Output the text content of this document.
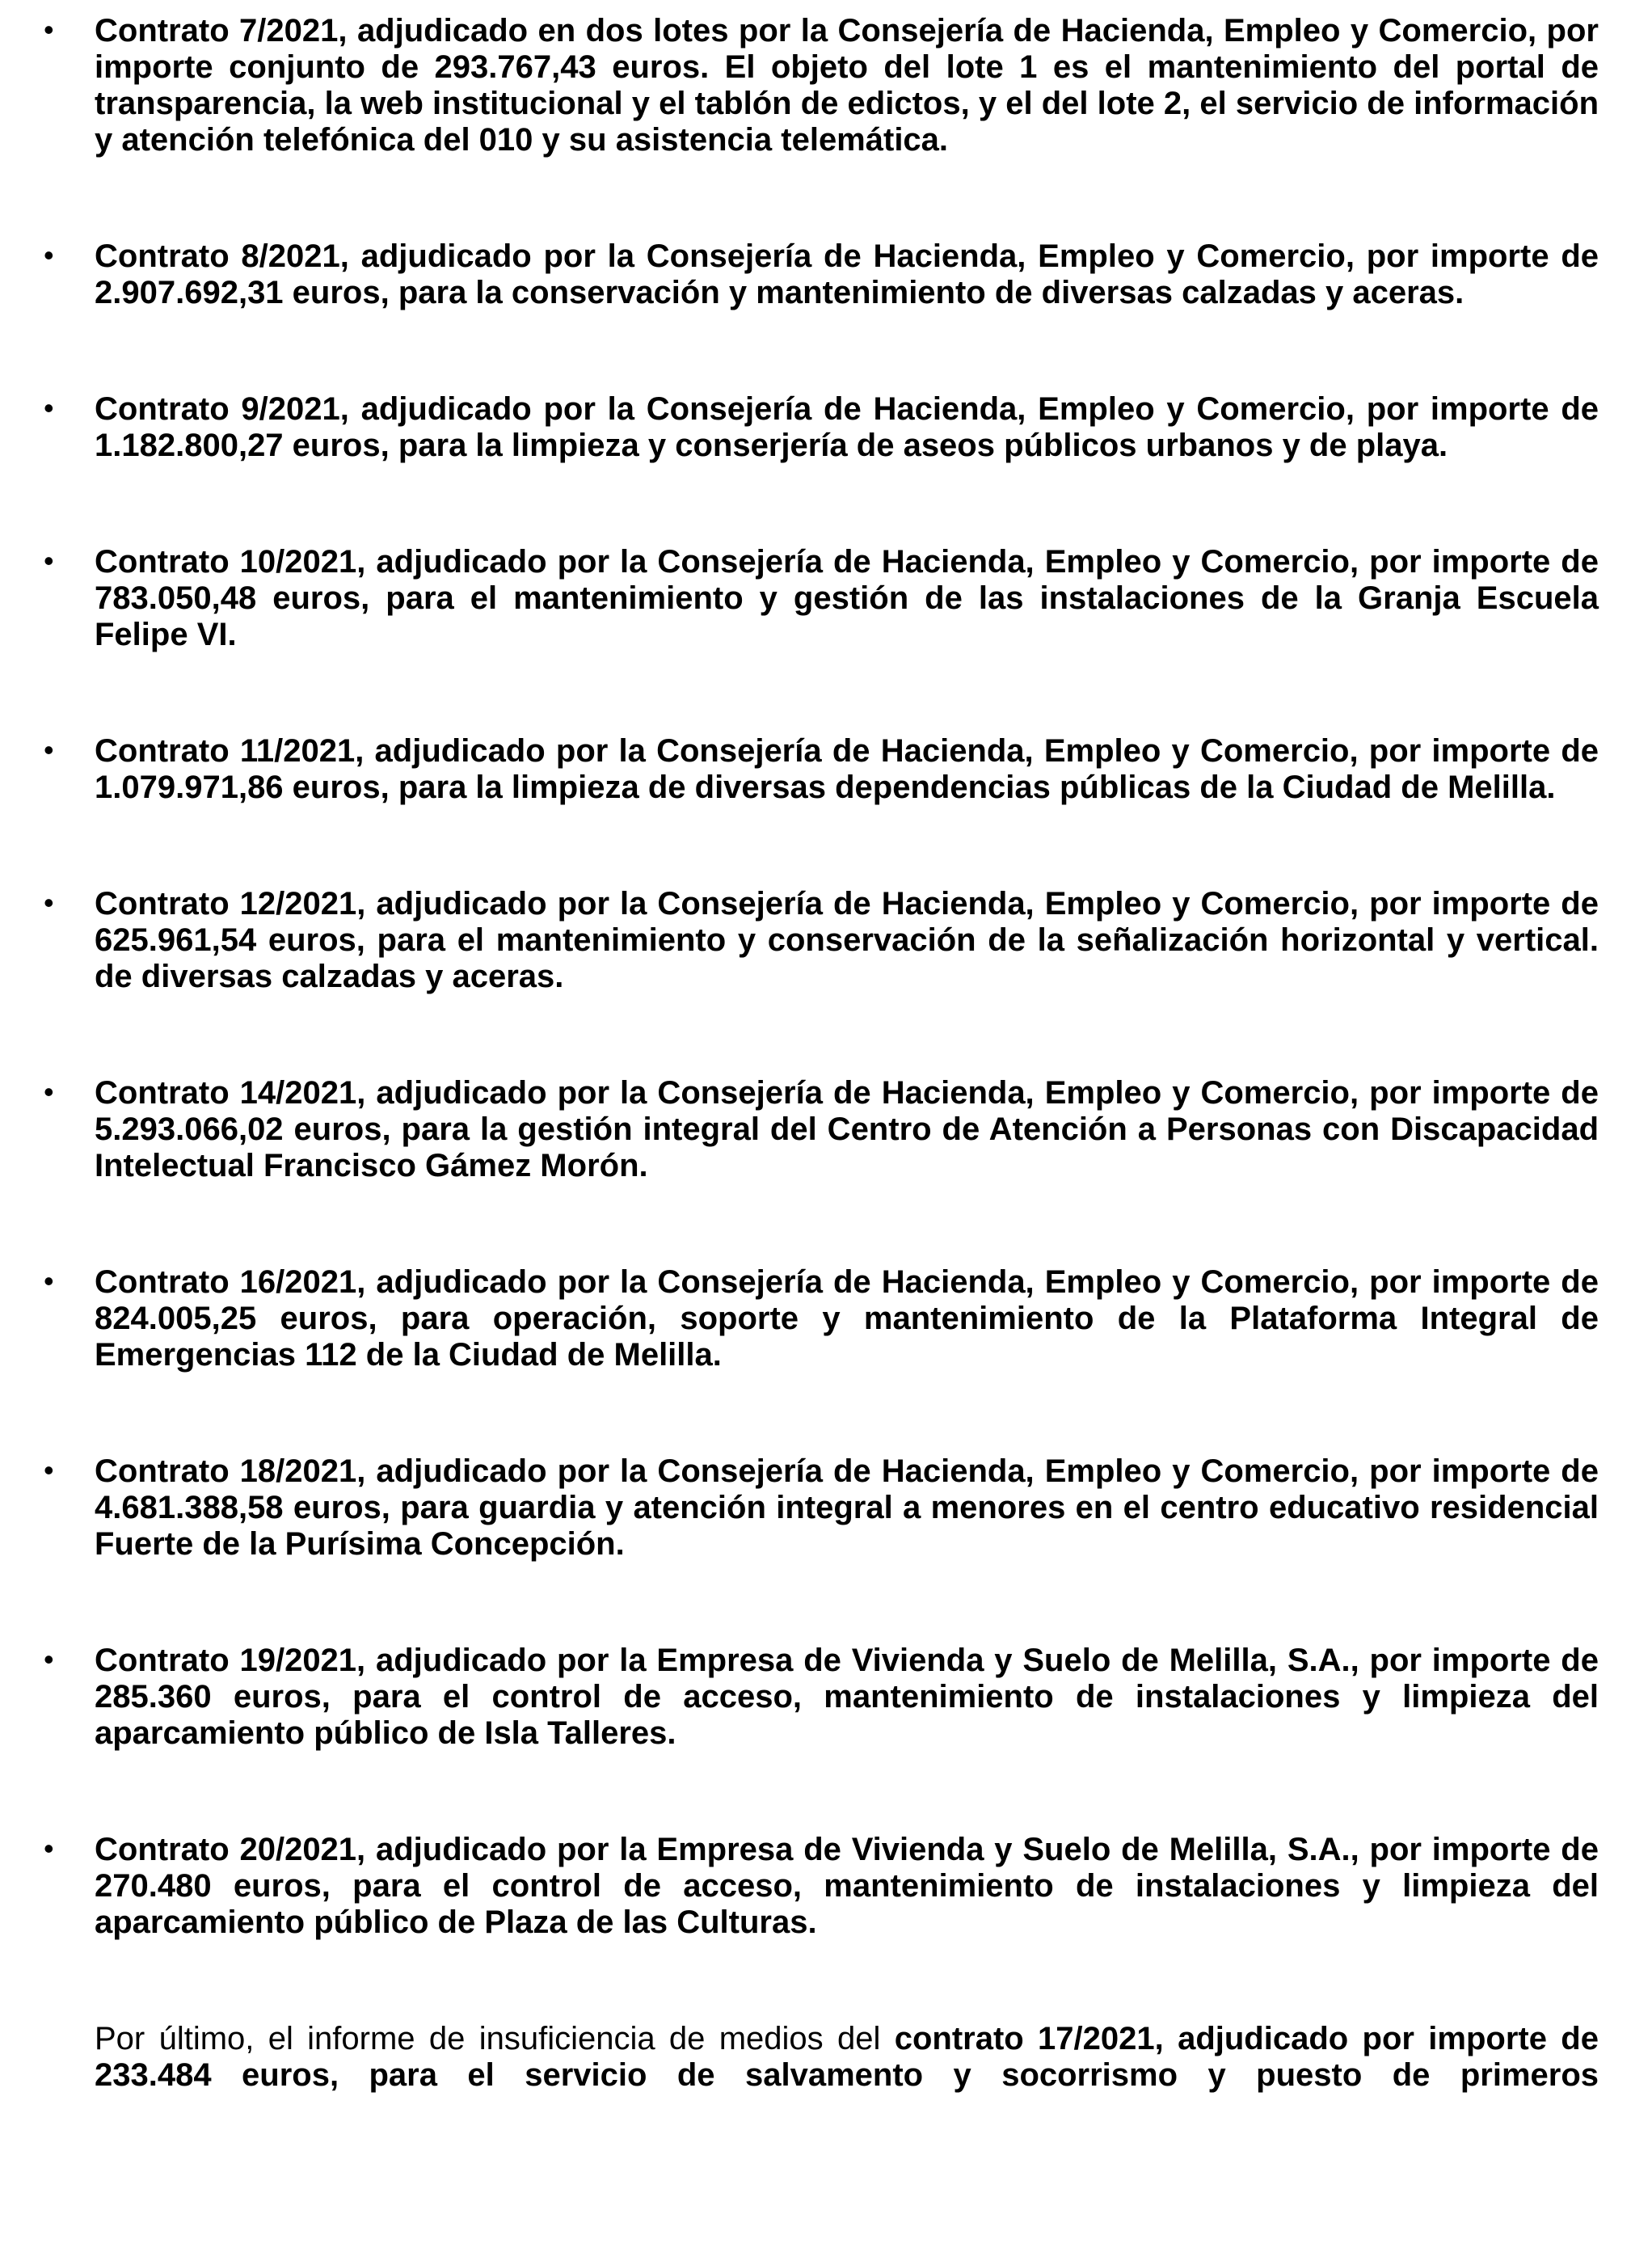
• Contrato 7/2021, adjudicado en dos lotes por la Consejería de Hacienda, Empleo y Comercio, por importe conjunto de 293.767,43 euros. El objeto del lote 1 es el mantenimiento del portal de transparencia, la web institucional y el tablón de edictos, y el del lote 2, el servicio de información y atención telefónica del 010 y su asistencia telemática.

• Contrato 8/2021, adjudicado por la Consejería de Hacienda, Empleo y Comercio, por importe de 2.907.692,31 euros, para la conservación y mantenimiento de diversas calzadas y aceras.

• Contrato 9/2021, adjudicado por la Consejería de Hacienda, Empleo y Comercio, por importe de 1.182.800,27 euros, para la limpieza y conserjería de aseos públicos urbanos y de playa.

• Contrato 10/2021, adjudicado por la Consejería de Hacienda, Empleo y Comercio, por importe de 783.050,48 euros, para el mantenimiento y gestión de las instalaciones de la Granja Escuela Felipe VI.

• Contrato 11/2021, adjudicado por la Consejería de Hacienda, Empleo y Comercio, por importe de 1.079.971,86 euros, para la limpieza de diversas dependencias públicas de la Ciudad de Melilla.

• Contrato 12/2021, adjudicado por la Consejería de Hacienda, Empleo y Comercio, por importe de 625.961,54 euros, para el mantenimiento y conservación de la señalización horizontal y vertical. de diversas calzadas y aceras.

• Contrato 14/2021, adjudicado por la Consejería de Hacienda, Empleo y Comercio, por importe de 5.293.066,02 euros, para la gestión integral del Centro de Atención a Personas con Discapacidad Intelectual Francisco Gámez Morón.

• Contrato 16/2021, adjudicado por la Consejería de Hacienda, Empleo y Comercio, por importe de 824.005,25 euros, para operación, soporte y mantenimiento de la Plataforma Integral de Emergencias 112 de la Ciudad de Melilla.

• Contrato 18/2021, adjudicado por la Consejería de Hacienda, Empleo y Comercio, por importe de 4.681.388,58 euros, para guardia y atención integral a menores en el centro educativo residencial Fuerte de la Purísima Concepción.

• Contrato 19/2021, adjudicado por la Empresa de Vivienda y Suelo de Melilla, S.A., por importe de 285.360 euros, para el control de acceso, mantenimiento de instalaciones y limpieza del aparcamiento público de Isla Talleres.

• Contrato 20/2021, adjudicado por la Empresa de Vivienda y Suelo de Melilla, S.A., por importe de 270.480 euros, para el control de acceso, mantenimiento de instalaciones y limpieza del aparcamiento público de Plaza de las Culturas.

Por último, el informe de insuficiencia de medios del contrato 17/2021, adjudicado por importe de 233.484 euros, para el servicio de salvamento y socorrismo y puesto de primeros
